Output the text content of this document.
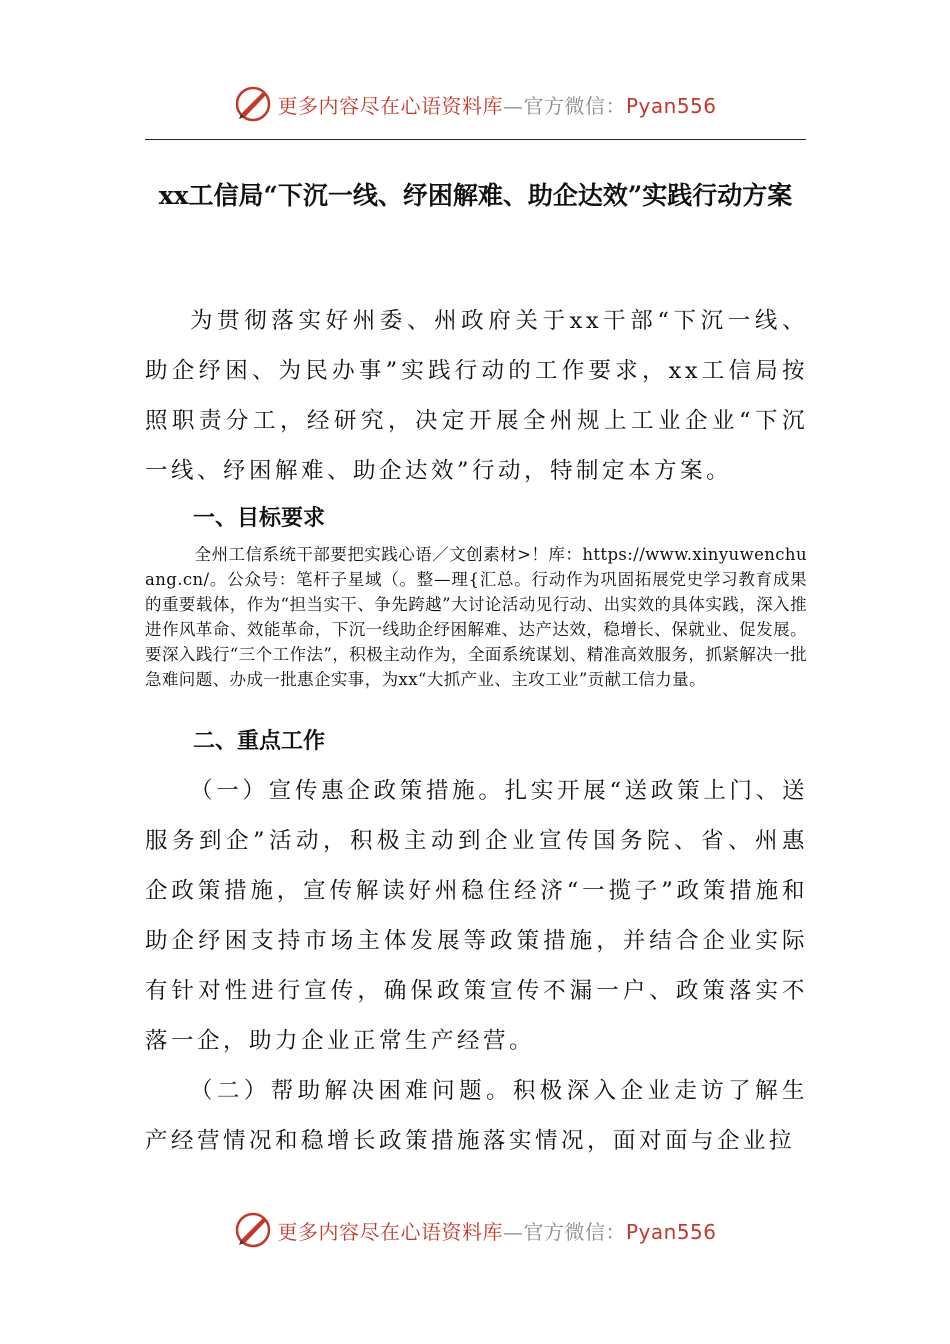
更多内容尽在心语资料库—官方微信：Pyan556
xx工信局“下沉一线、纾困解难、助企达效”实践行动方案
为贯彻落实好州委、州政府关于xx干部“下沉一线、助企纾困、为民办事”实践行动的工作要求，xx工信局按照职责分工，经研究，决定开展全州规上工业企业“下沉一线、纾困解难、助企达效”行动，特制定本方案。
一、目标要求
全州工信系统干部要把实践心语／文创素材>！库：https://www.xinyuwenchuang.cn/。公众号：笔杆子星域（。整—理{汇总。行动作为巩固拓展党史学习教育成果的重要载体，作为“担当实干、争先跨越”大讨论活动见行动、出实效的具体实践，深入推进作风革命、效能革命，下沉一线助企纾困解难、达产达效，稳增长、保就业、促发展。要深入践行“三个工作法”，积极主动作为，全面系统谋划、精准高效服务，抓紧解决一批急难问题、办成一批惠企实事，为xx“大抓产业、主攻工业”贡献工信力量。
二、重点工作
（一）宣传惠企政策措施。扎实开展“送政策上门、送服务到企”活动，积极主动到企业宣传国务院、省、州惠企政策措施，宣传解读好州稳住经济“一揽子”政策措施和助企纾困支持市场主体发展等政策措施，并结合企业实际有针对性进行宣传，确保政策宣传不漏一户、政策落实不落一企，助力企业正常生产经营。
（二）帮助解决困难问题。积极深入企业走访了解生产经营情况和稳增长政策措施落实情况，面对面与企业拉
更多内容尽在心语资料库—官方微信：Pyan556
